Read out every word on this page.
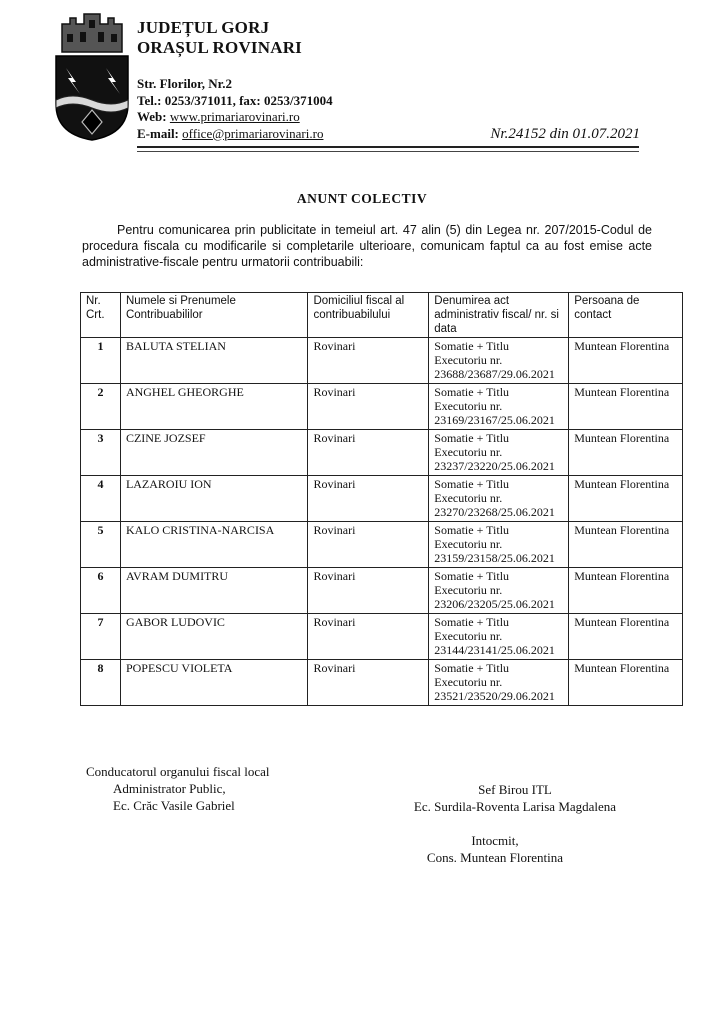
JUDEȚUL GORJ
ORAȘUL ROVINARI
Str. Florilor, Nr.2
Tel.: 0253/371011, fax: 0253/371004
Web: www.primariarovinari.ro
E-mail: office@primariarovinari.ro	Nr.24152 din 01.07.2021
ANUNT COLECTIV
Pentru comunicarea prin publicitate in temeiul art. 47 alin (5) din Legea nr. 207/2015-Codul de procedura fiscala cu modificarile si completarile ulterioare, comunicam faptul ca au fost emise acte administrative-fiscale pentru urmatorii contribuabili:
Nr. Crt.	Numele si Prenumele Contribuabililor	Domiciliul fiscal al contribuabilului	Denumirea act administrativ fiscal/ nr. si data	Persoana de contact
1	BALUTA STELIAN	Rovinari	Somatie + Titlu Executoriu nr. 23688/23687/29.06.2021	Muntean Florentina
2	ANGHEL GHEORGHE	Rovinari	Somatie + Titlu Executoriu nr. 23169/23167/25.06.2021	Muntean Florentina
3	CZINE JOZSEF	Rovinari	Somatie + Titlu Executoriu nr. 23237/23220/25.06.2021	Muntean Florentina
4	LAZAROIU ION	Rovinari	Somatie + Titlu Executoriu nr. 23270/23268/25.06.2021	Muntean Florentina
5	KALO CRISTINA-NARCISA	Rovinari	Somatie + Titlu Executoriu nr. 23159/23158/25.06.2021	Muntean Florentina
6	AVRAM DUMITRU	Rovinari	Somatie + Titlu Executoriu nr. 23206/23205/25.06.2021	Muntean Florentina
7	GABOR LUDOVIC	Rovinari	Somatie + Titlu Executoriu nr. 23144/23141/25.06.2021	Muntean Florentina
8	POPESCU VIOLETA	Rovinari	Somatie + Titlu Executoriu nr. 23521/23520/29.06.2021	Muntean Florentina
Conducatorul organului fiscal local
Administrator Public,
Ec. Crăc Vasile Gabriel
Sef Birou ITL
Ec. Surdila-Roventa Larisa Magdalena
Intocmit,
Cons. Muntean Florentina
